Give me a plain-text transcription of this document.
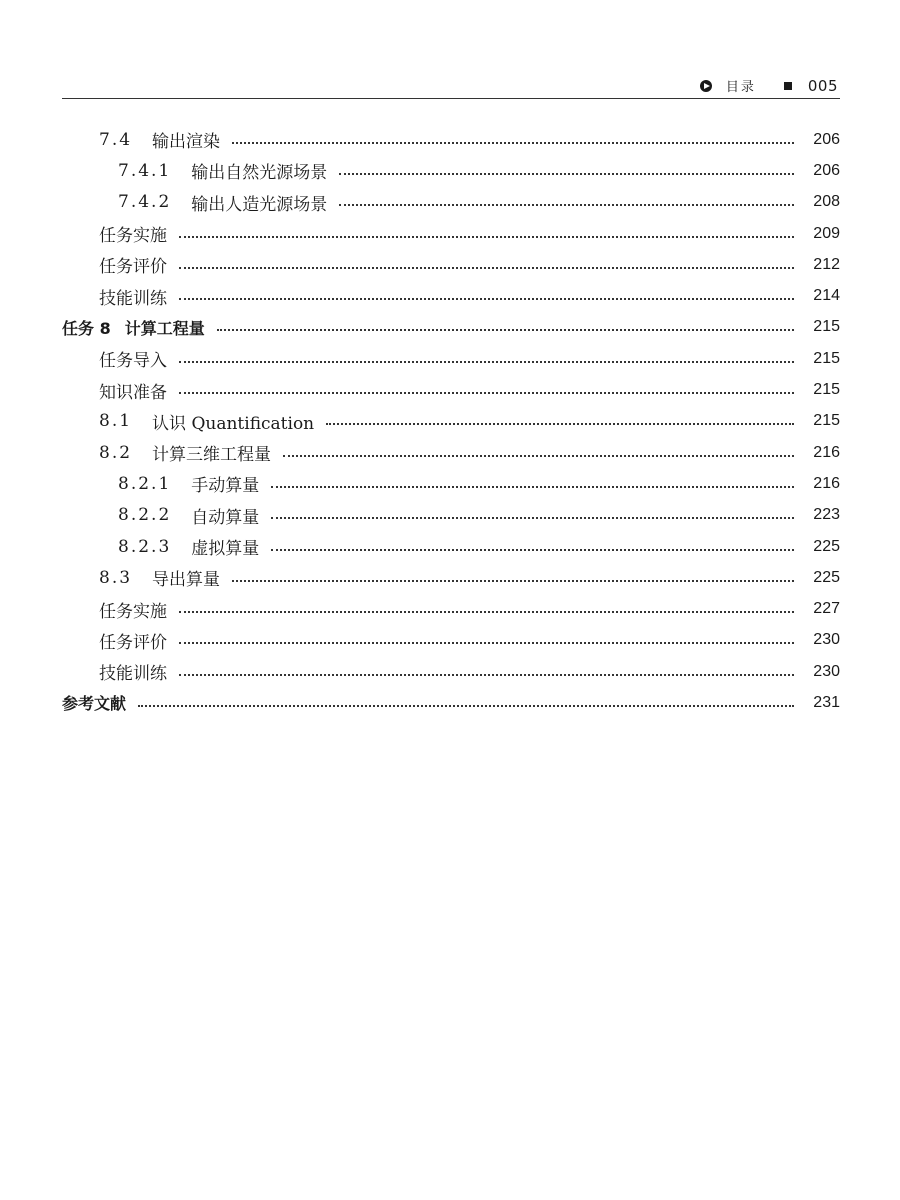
目录	005
7.4 输出渲染	206
7.4.1 输出自然光源场景	206
7.4.2 输出人造光源场景	208
任务实施	209
任务评价	212
技能训练	214
任务 8 计算工程量	215
任务导入	215
知识准备	215
8.1 认识 Quantification	215
8.2 计算三维工程量	216
8.2.1 手动算量	216
8.2.2 自动算量	223
8.2.3 虚拟算量	225
8.3 导出算量	225
任务实施	227
任务评价	230
技能训练	230
参考文献	231
